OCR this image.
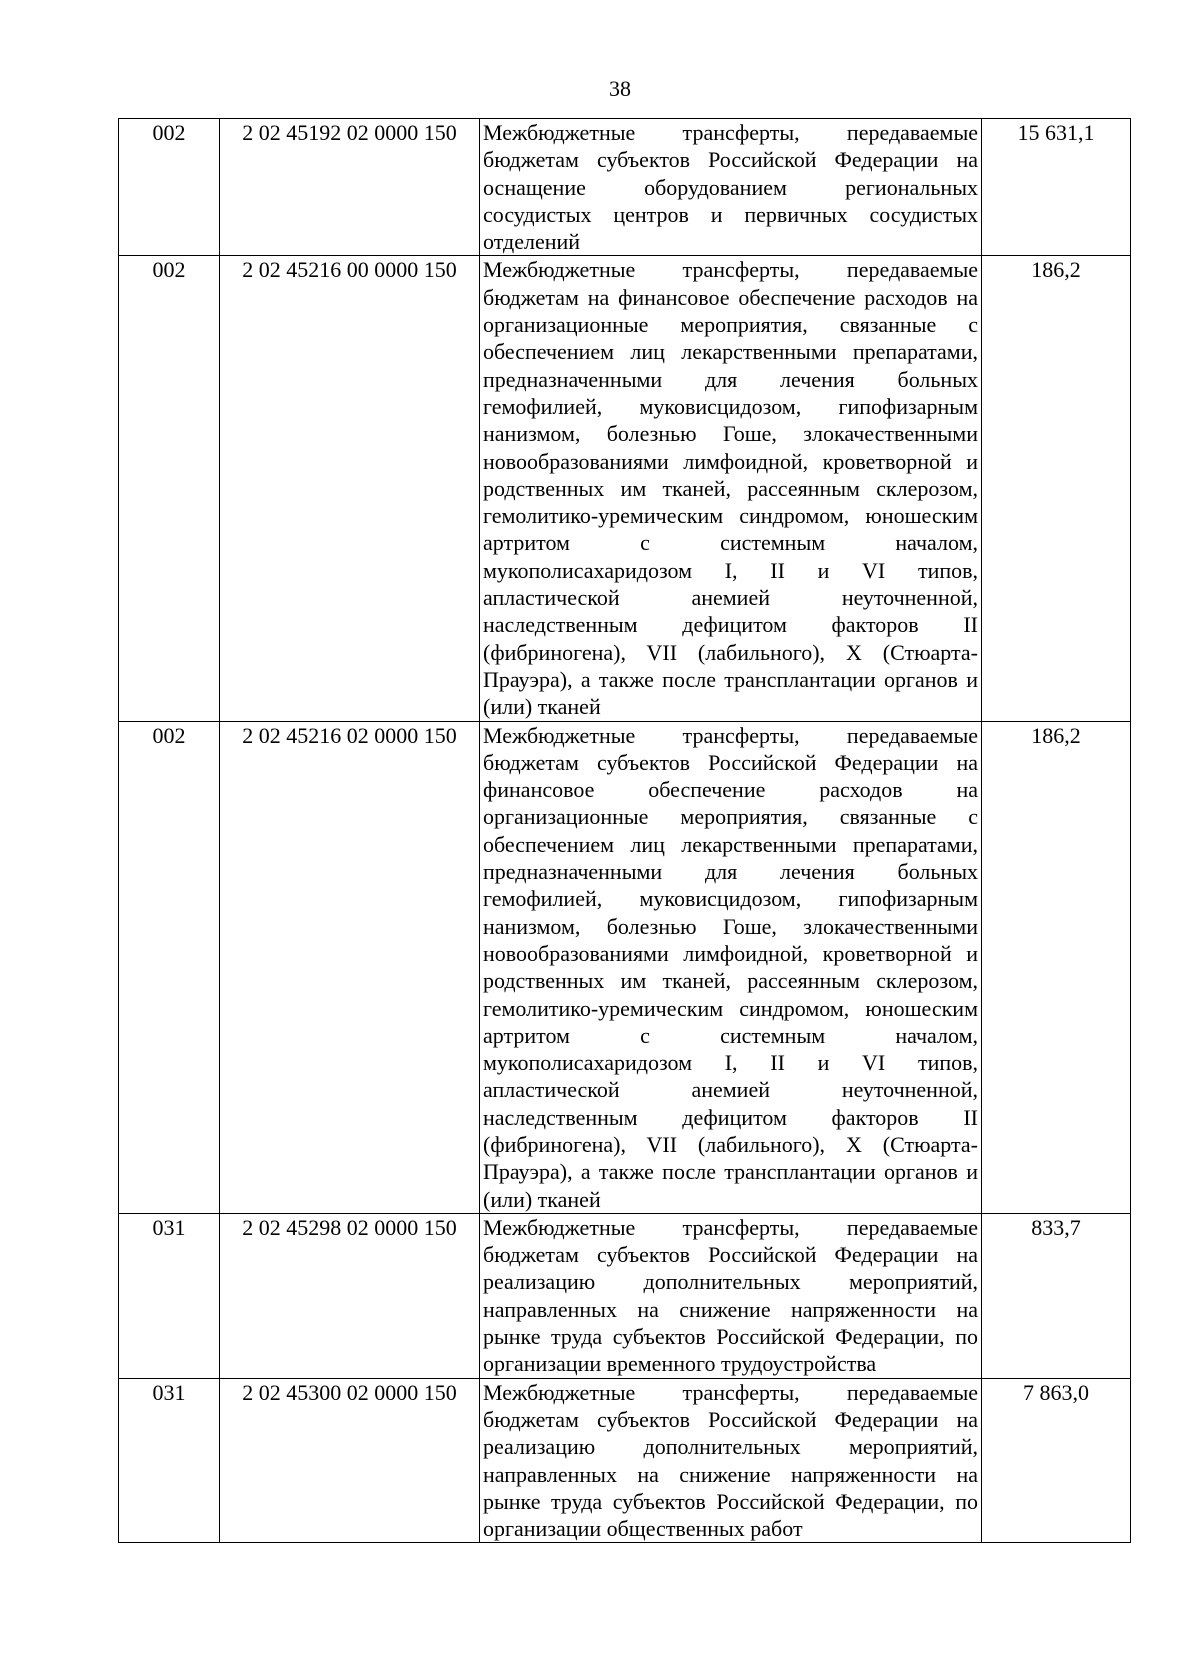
38
002	2 02 45192 02 0000 150	Межбюджетные трансферты, передаваемые бюджетам субъектов Российской Федерации на оснащение оборудованием региональных сосудистых центров и первичных сосудистых отделений	15 631,1
002	2 02 45216 00 0000 150	Межбюджетные трансферты, передаваемые бюджетам на финансовое обеспечение расходов на организационные мероприятия, связанные с обеспечением лиц лекарственными препаратами, предназначенными для лечения больных гемофилией, муковисцидозом, гипофизарным нанизмом, болезнью Гоше, злокачественными новообразованиями лимфоидной, кроветворной и родственных им тканей, рассеянным склерозом, гемолитико-уремическим синдромом, юношеским артритом с системным началом, мукополисахаридозом I, II и VI типов, апластической анемией неуточненной, наследственным дефицитом факторов II (фибриногена), VII (лабильного), X (Стюарта-Прауэра), а также после трансплантации органов и (или) тканей	186,2
002	2 02 45216 02 0000 150	Межбюджетные трансферты, передаваемые бюджетам субъектов Российской Федерации на финансовое обеспечение расходов на организационные мероприятия, связанные с обеспечением лиц лекарственными препаратами, предназначенными для лечения больных гемофилией, муковисцидозом, гипофизарным нанизмом, болезнью Гоше, злокачественными новообразованиями лимфоидной, кроветворной и родственных им тканей, рассеянным склерозом, гемолитико-уремическим синдромом, юношеским артритом с системным началом, мукополисахаридозом I, II и VI типов, апластической анемией неуточненной, наследственным дефицитом факторов II (фибриногена), VII (лабильного), X (Стюарта-Прауэра), а также после трансплантации органов и (или) тканей	186,2
031	2 02 45298 02 0000 150	Межбюджетные трансферты, передаваемые бюджетам субъектов Российской Федерации на реализацию дополнительных мероприятий, направленных на снижение напряженности на рынке труда субъектов Российской Федерации, по организации временного трудоустройства	833,7
031	2 02 45300 02 0000 150	Межбюджетные трансферты, передаваемые бюджетам субъектов Российской Федерации на реализацию дополнительных мероприятий, направленных на снижение напряженности на рынке труда субъектов Российской Федерации, по организации общественных работ	7 863,0
